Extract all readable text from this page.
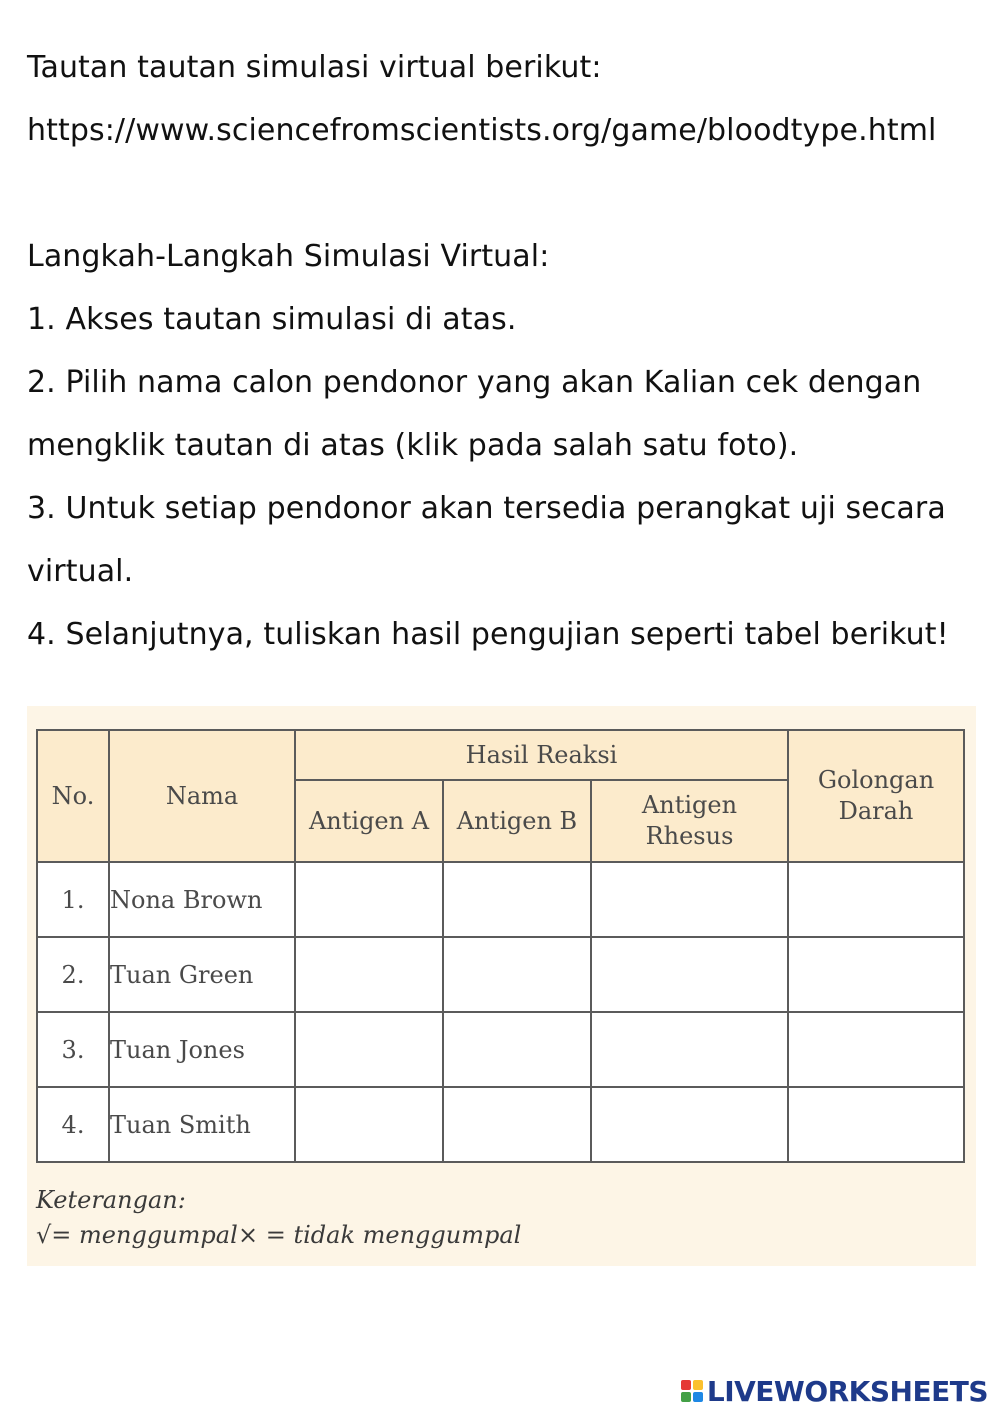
Tautan tautan simulasi virtual berikut:
https://www.sciencefromscientists.org/game/bloodtype.html
Langkah-Langkah Simulasi Virtual:
1. Akses tautan simulasi di atas.
2. Pilih nama calon pendonor yang akan Kalian cek dengan
mengklik tautan di atas (klik pada salah satu foto).
3. Untuk setiap pendonor akan tersedia perangkat uji secara
virtual.
4. Selanjutnya, tuliskan hasil pengujian seperti tabel berikut!
No.	Nama	Hasil Reaksi			Golongan
Darah
		Antigen A	Antigen B	Antigen
Rhesus	
1.	Nona Brown				
2.	Tuan Green				
3.	Tuan Jones				
4.	Tuan Smith				
Keterangan:
√= menggumpal × = tidak menggumpal
LIVEWORKSHEETS
